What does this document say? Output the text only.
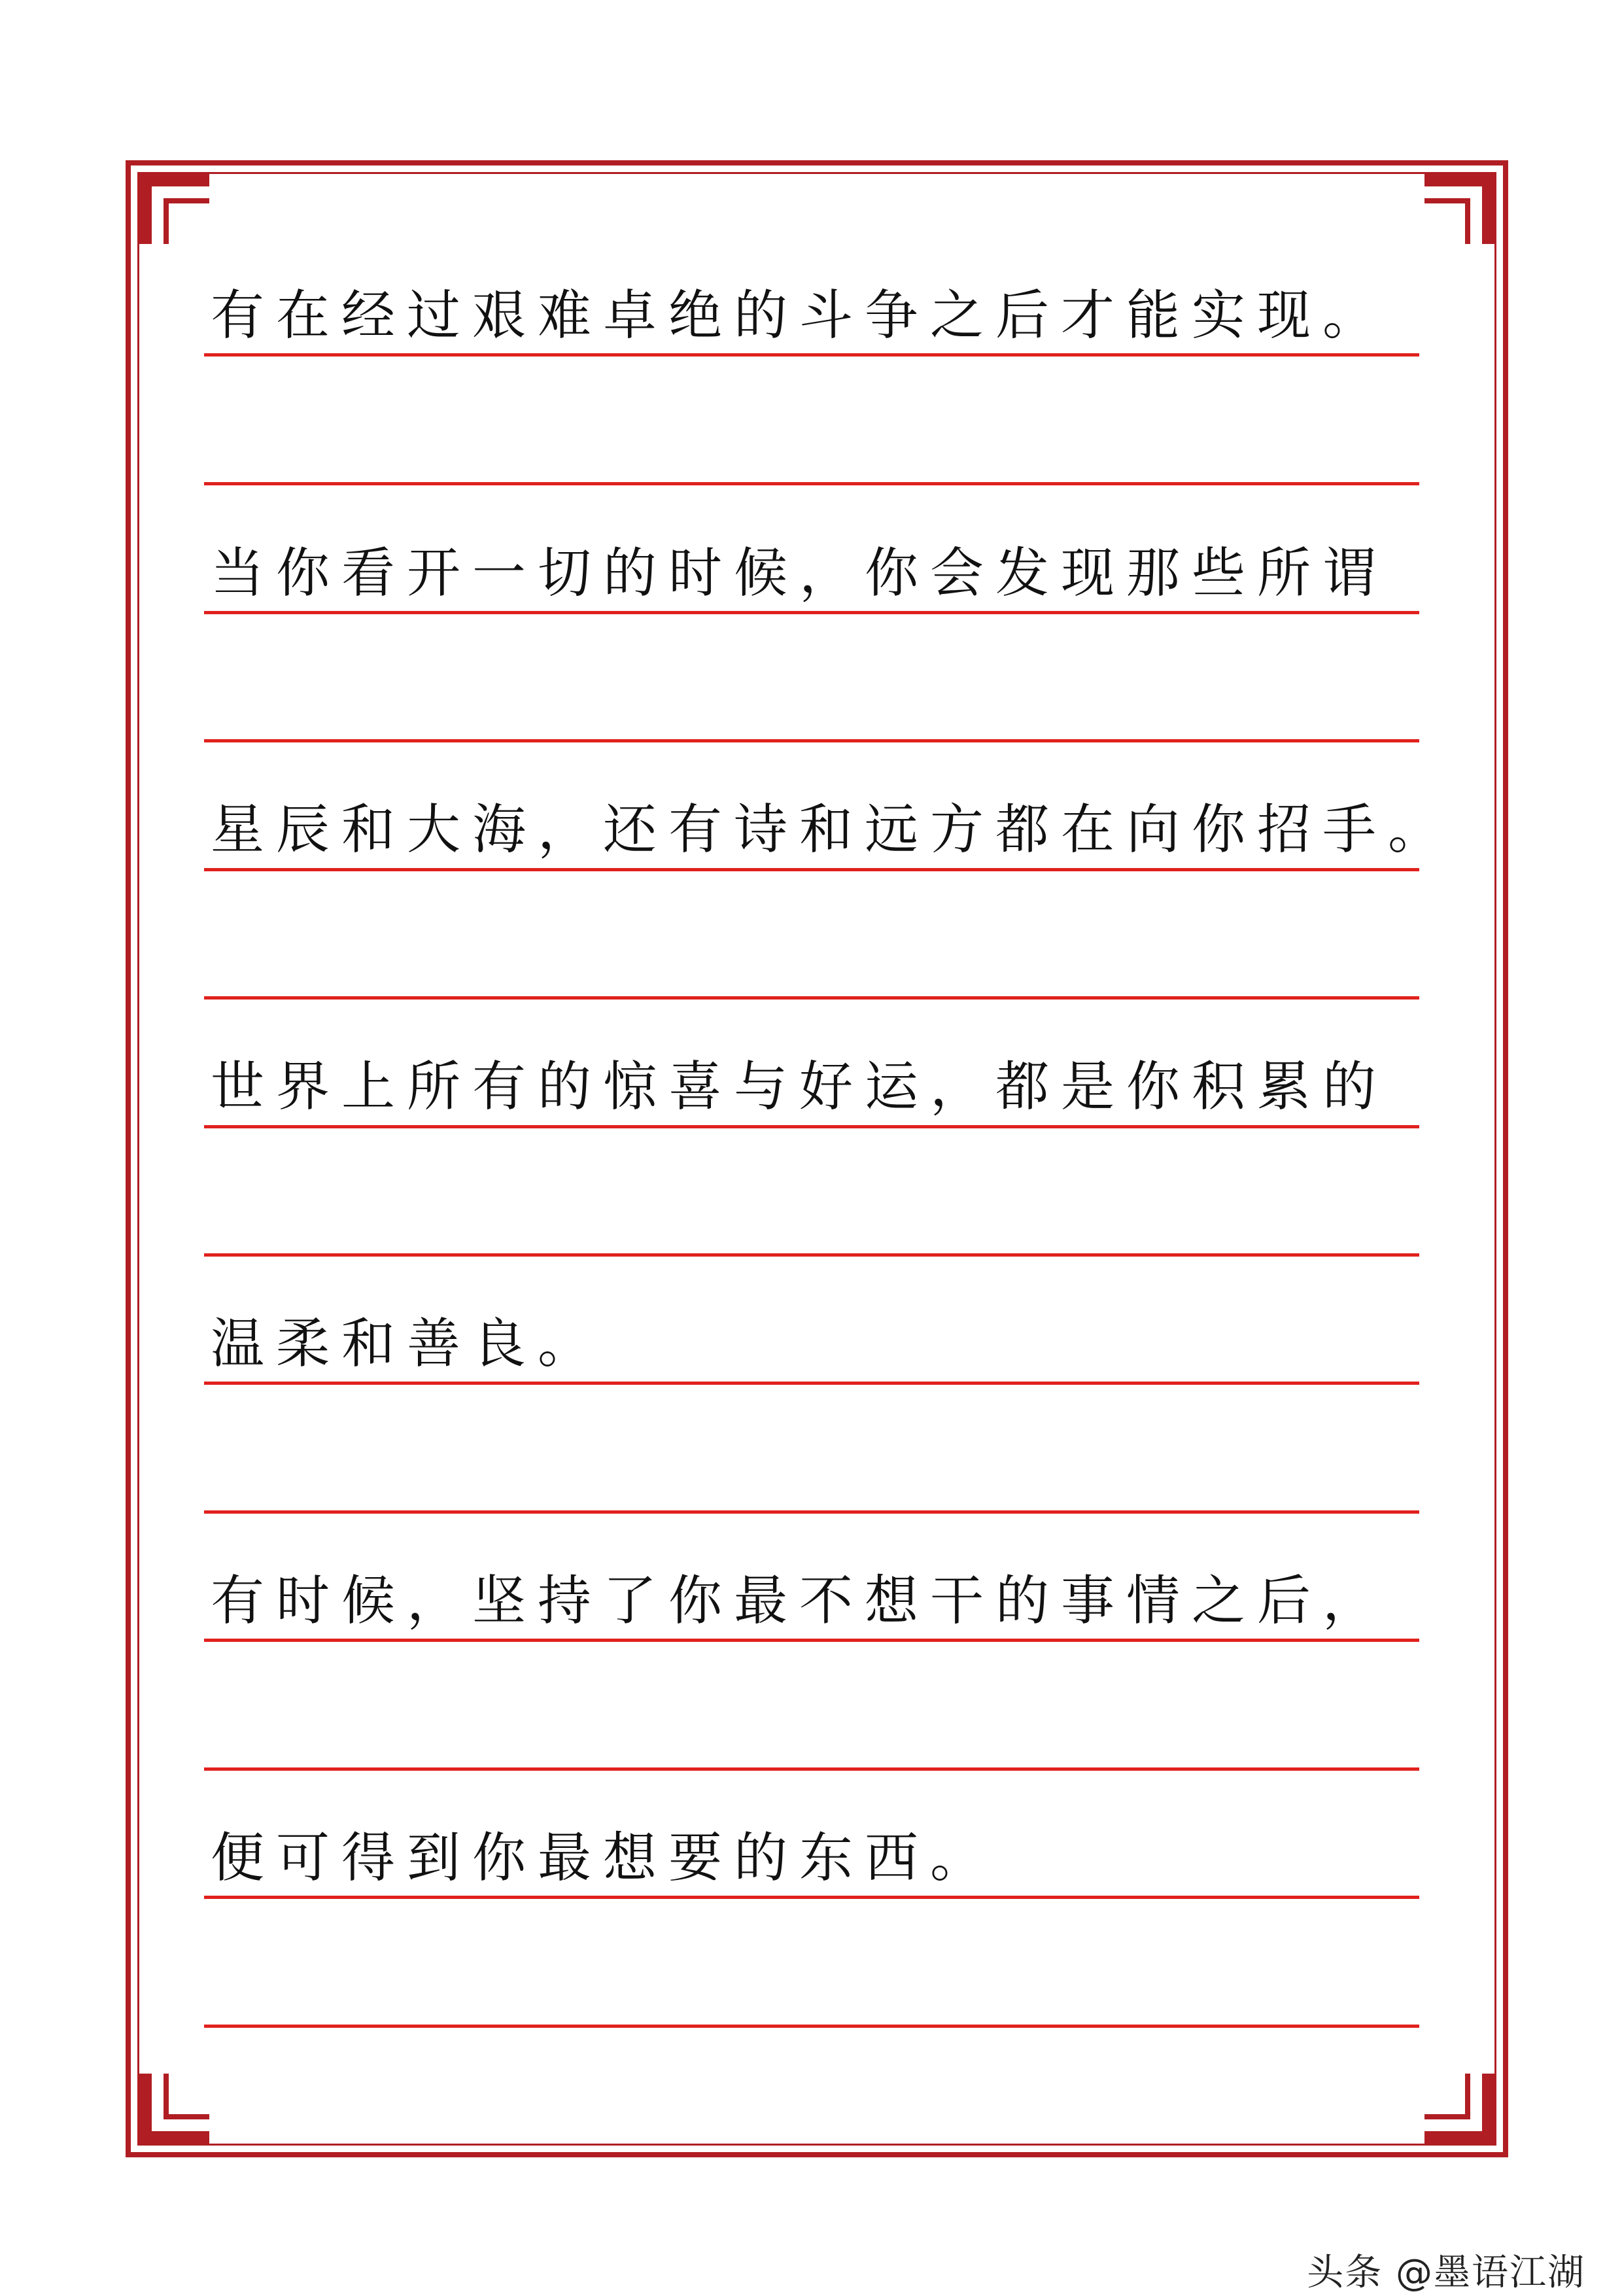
有在经过艰难卓绝的斗争之后才能实现。
当你看开一切的时候，你会发现那些所谓
星辰和大海，还有诗和远方都在向你招手。
世界上所有的惊喜与好运，都是你积累的
温柔和善良。
有时候，坚持了你最不想干的事情之后，
便可得到你最想要的东西。
头条 @墨语江湖
